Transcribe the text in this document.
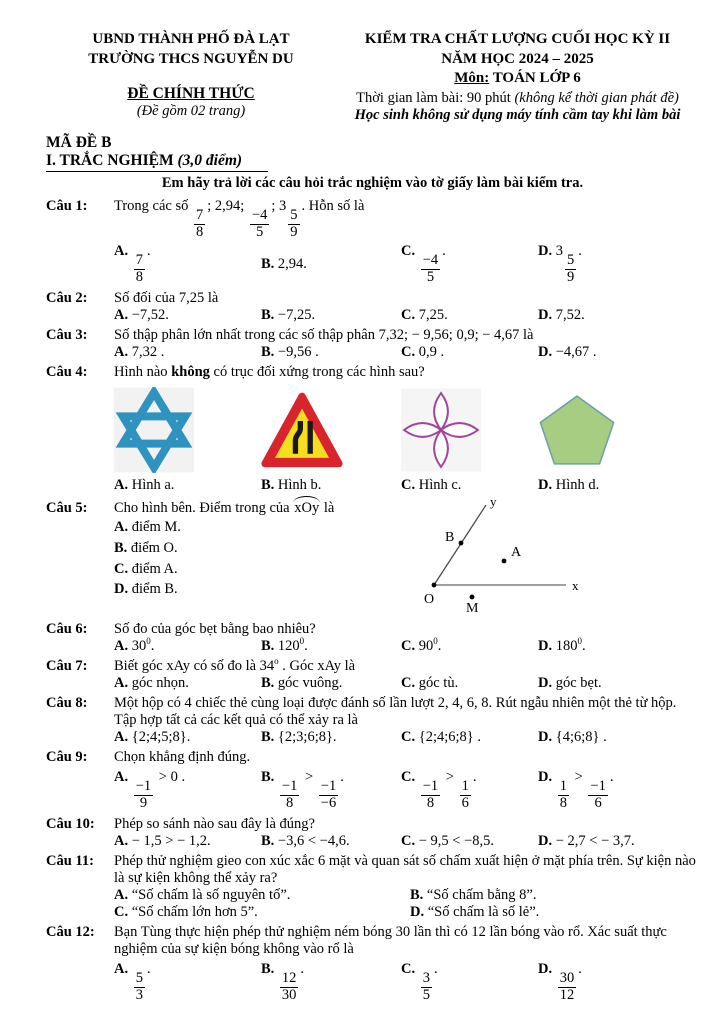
UBND THÀNH PHỐ ĐÀ LẠT
TRƯỜNG THCS NGUYỄN DU
ĐỀ CHÍNH THỨC
(Đề gồm 02 trang)
KIỂM TRA CHẤT LƯỢNG CUỐI HỌC KỲ II
NĂM HỌC 2024 – 2025
Môn: TOÁN LỚP 6
Thời gian làm bài: 90 phút (không kể thời gian phát đề)
Học sinh không sử dụng máy tính cầm tay khi làm bài
MÃ ĐỀ B
I. TRẮC NGHIỆM (3,0 điểm)
Em hãy trả lời các câu hỏi trắc nghiệm vào tờ giấy làm bài kiểm tra.
Câu 1:	Trong các số
$\frac{7}{8}$
; 2,94;
$\frac{-4}{5}$
; 3
$\frac{5}{9}$
. Hỗn số là
A.
$\frac{7}{8}$
.
B. 2,94.
C.
$\frac{-4}{5}$
.	D. 3
$\frac{5}{9}$
.
Câu 2:	Số đối của 7,25 là
A. −7,52.	B. −7,25.	C. 7,25.	D. 7,52.
Câu 3:	Số thập phân lớn nhất trong các số thập phân 7,32; − 9,56; 0,9; − 4,67 là
A. 7,32 .	B. −9,56 .	C. 0,9 .	D. −4,67 .
Câu 4:	Hình nào không có trục đối xứng trong các hình sau?
A. Hình a.	B. Hình b.	C. Hình c.	D. Hình d.
Câu 5:	Cho hình bên. Điểm trong của xOy là
A. điểm M.
B. điểm O.
C. điểm A.
D. điểm B.
O
x
y
B
A
M
Câu 6:	Số đo của góc bẹt bằng bao nhiêu?
A. $30^0$.	B. $120^0$.	C. $90^0$.	D. $180^0$.
Câu 7:	Biết góc xAy có số đo là 34$^o$ . Góc xAy là
A. góc nhọn.	B. góc vuông.	C. góc tù.	D. góc bẹt.
Câu 8:	Một hộp có 4 chiếc thẻ cùng loại được đánh số lần lượt 2, 4, 6, 8. Rút ngẫu nhiên một thẻ từ hộp. Tập hợp tất cả các kết quả có thể xảy ra là
A. {2;4;5;8}.	B. {2;3;6;8}.	C. {2;4;6;8} .	D. {4;6;8} .
Câu 9:	Chọn khẳng định đúng.
A.
$\frac{-1}{9}$
> 0 .	B.
$\frac{-1}{8}$
>
$\frac{-1}{-6}$
.	C.
$\frac{-1}{8}$
>
$\frac{1}{6}$
.	D.
$\frac{1}{8}$
>
$\frac{-1}{6}$
.
Câu 10:	Phép so sánh nào sau đây là đúng?
A. − 1,5 > − 1,2.	B. −3,6 < −4,6.	C. − 9,5 < −8,5.	D. − 2,7 < − 3,7.
Câu 11:	Phép thử nghiệm gieo con xúc xắc 6 mặt và quan sát số chấm xuất hiện ở mặt phía trên. Sự kiện nào là sự kiện không thể xảy ra?
A. “Số chấm là số nguyên tố”.	B. “Số chấm bằng 8”.
C. “Số chấm lớn hơn 5”.	D. “Số chấm là số lẻ”.
Câu 12:	Bạn Tùng thực hiện phép thử nghiệm ném bóng 30 lần thì có 12 lần bóng vào rổ. Xác suất thực nghiệm của sự kiện bóng không vào rổ là
A.
$\frac{5}{3}$
.	B.
$\frac{12}{30}$
.	C.
$\frac{3}{5}$
.	D.
$\frac{30}{12}$
.
